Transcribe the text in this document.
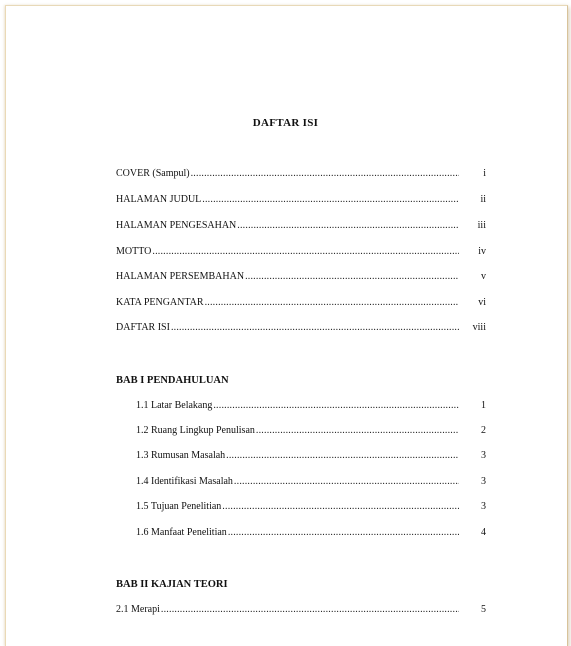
DAFTAR ISI
COVER (Sampul) .....	i
HALAMAN JUDUL .....	ii
HALAMAN PENGESAHAN .....	iii
MOTTO .....	iv
HALAMAN PERSEMBAHAN .....	v
KATA PENGANTAR .....	vi
DAFTAR ISI .....	viii
BAB I PENDAHULUAN
1.1 Latar Belakang .....	1
1.2 Ruang Lingkup Penulisan .....	2
1.3 Rumusan Masalah .....	3
1.4 Identifikasi Masalah .....	3
1.5 Tujuan Penelitian .....	3
1.6 Manfaat Penelitian .....	4
BAB II KAJIAN TEORI
2.1 Merapi .....	5
